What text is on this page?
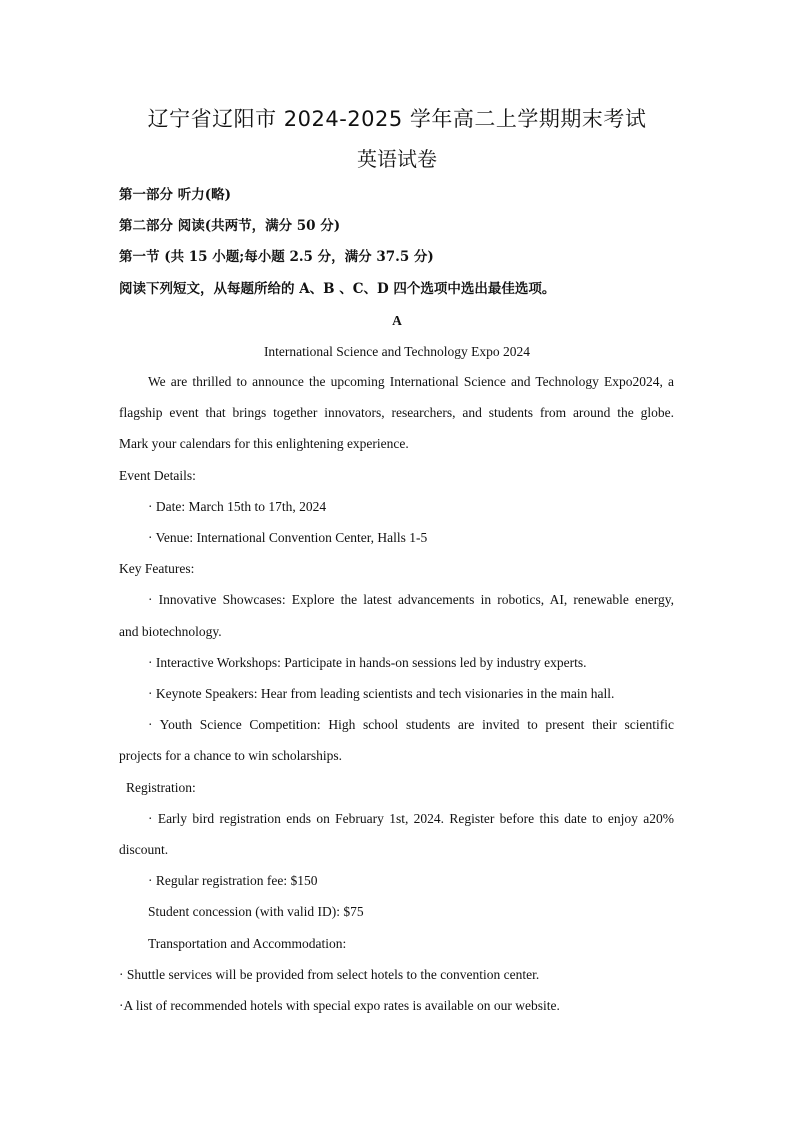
辽宁省辽阳市 2024-2025 学年高二上学期期末考试
英语试卷
第一部分 听力(略)
第二部分 阅读(共两节，满分 50 分)
第一节 (共 15 小题;每小题 2.5 分，满分 37.5 分)
阅读下列短文，从每题所给的 A、B 、C、D 四个选项中选出最佳选项。
A
International Science and Technology Expo 2024
We are thrilled to announce the upcoming International Science and Technology Expo2024, a
flagship event that brings together innovators, researchers, and students from around the globe.
Mark your calendars for this enlightening experience.
Event Details:
· Date: March 15th to 17th, 2024
· Venue: International Convention Center, Halls 1-5
Key Features:
· Innovative Showcases: Explore the latest advancements in robotics, AI, renewable energy,
and biotechnology.
· Interactive Workshops: Participate in hands-on sessions led by industry experts.
· Keynote Speakers: Hear from leading scientists and tech visionaries in the main hall.
· Youth Science Competition: High school students are invited to present their scientific
projects for a chance to win scholarships.
Registration:
· Early bird registration ends on February 1st, 2024. Register before this date to enjoy a20%
discount.
· Regular registration fee: $150
Student concession (with valid ID): $75
Transportation and Accommodation:
· Shuttle services will be provided from select hotels to the convention center.
·A list of recommended hotels with special expo rates is available on our website.
